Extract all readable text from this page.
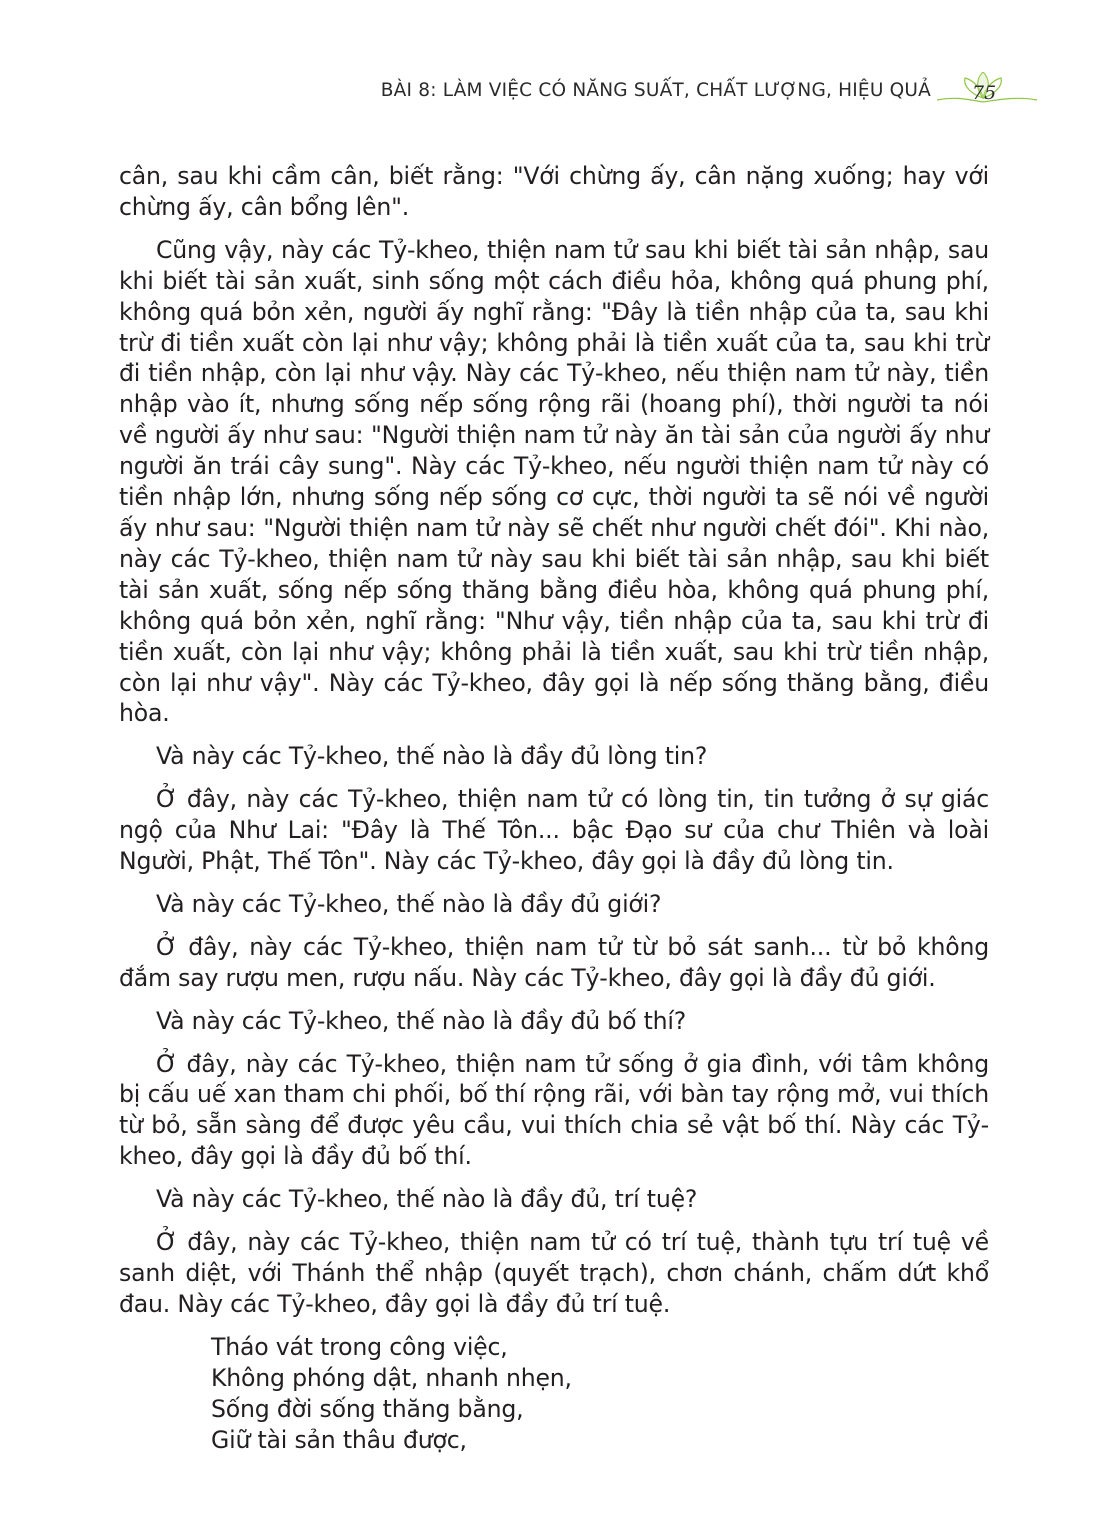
BÀI 8: LÀM VIỆC CÓ NĂNG SUẤT, CHẤT LƯỢNG, HIỆU QUẢ 75

cân, sau khi cầm cân, biết rằng: "Với chừng ấy, cân nặng xuống; hay với chừng ấy, cân bổng lên".

Cũng vậy, này các Tỷ-kheo, thiện nam tử sau khi biết tài sản nhập, sau khi biết tài sản xuất, sinh sống một cách điều hỏa, không quá phung phí, không quá bỏn xẻn, người ấy nghĩ rằng: "Đây là tiền nhập của ta, sau khi trừ đi tiền xuất còn lại như vậy; không phải là tiền xuất của ta, sau khi trừ đi tiền nhập, còn lại như vậy. Này các Tỷ-kheo, nếu thiện nam tử này, tiền nhập vào ít, nhưng sống nếp sống rộng rãi (hoang phí), thời người ta nói về người ấy như sau: "Người thiện nam tử này ăn tài sản của người ấy như người ăn trái cây sung". Này các Tỷ-kheo, nếu người thiện nam tử này có tiền nhập lớn, nhưng sống nếp sống cơ cực, thời người ta sẽ nói về người ấy như sau: "Người thiện nam tử này sẽ chết như người chết đói". Khi nào, này các Tỷ-kheo, thiện nam tử này sau khi biết tài sản nhập, sau khi biết tài sản xuất, sống nếp sống thăng bằng điều hòa, không quá phung phí, không quá bỏn xẻn, nghĩ rằng: "Như vậy, tiền nhập của ta, sau khi trừ đi tiền xuất, còn lại như vậy; không phải là tiền xuất, sau khi trừ tiền nhập, còn lại như vậy". Này các Tỷ-kheo, đây gọi là nếp sống thăng bằng, điều hòa.

Và này các Tỷ-kheo, thế nào là đầy đủ lòng tin?

Ở đây, này các Tỷ-kheo, thiện nam tử có lòng tin, tin tưởng ở sự giác ngộ của Như Lai: "Đây là Thế Tôn... bậc Đạo sư của chư Thiên và loài Người, Phật, Thế Tôn". Này các Tỷ-kheo, đây gọi là đầy đủ lòng tin.

Và này các Tỷ-kheo, thế nào là đầy đủ giới?

Ở đây, này các Tỷ-kheo, thiện nam tử từ bỏ sát sanh... từ bỏ không đắm say rượu men, rượu nấu. Này các Tỷ-kheo, đây gọi là đầy đủ giới.

Và này các Tỷ-kheo, thế nào là đầy đủ bố thí?

Ở đây, này các Tỷ-kheo, thiện nam tử sống ở gia đình, với tâm không bị cấu uế xan tham chi phối, bố thí rộng rãi, với bàn tay rộng mở, vui thích từ bỏ, sẵn sàng để được yêu cầu, vui thích chia sẻ vật bố thí. Này các Tỷ-kheo, đây gọi là đầy đủ bố thí.

Và này các Tỷ-kheo, thế nào là đầy đủ, trí tuệ?

Ở đây, này các Tỷ-kheo, thiện nam tử có trí tuệ, thành tựu trí tuệ về sanh diệt, với Thánh thể nhập (quyết trạch), chơn chánh, chấm dứt khổ đau. Này các Tỷ-kheo, đây gọi là đầy đủ trí tuệ.

Tháo vát trong công việc,
Không phóng dật, nhanh nhẹn,
Sống đời sống thăng bằng,
Giữ tài sản thâu được,
